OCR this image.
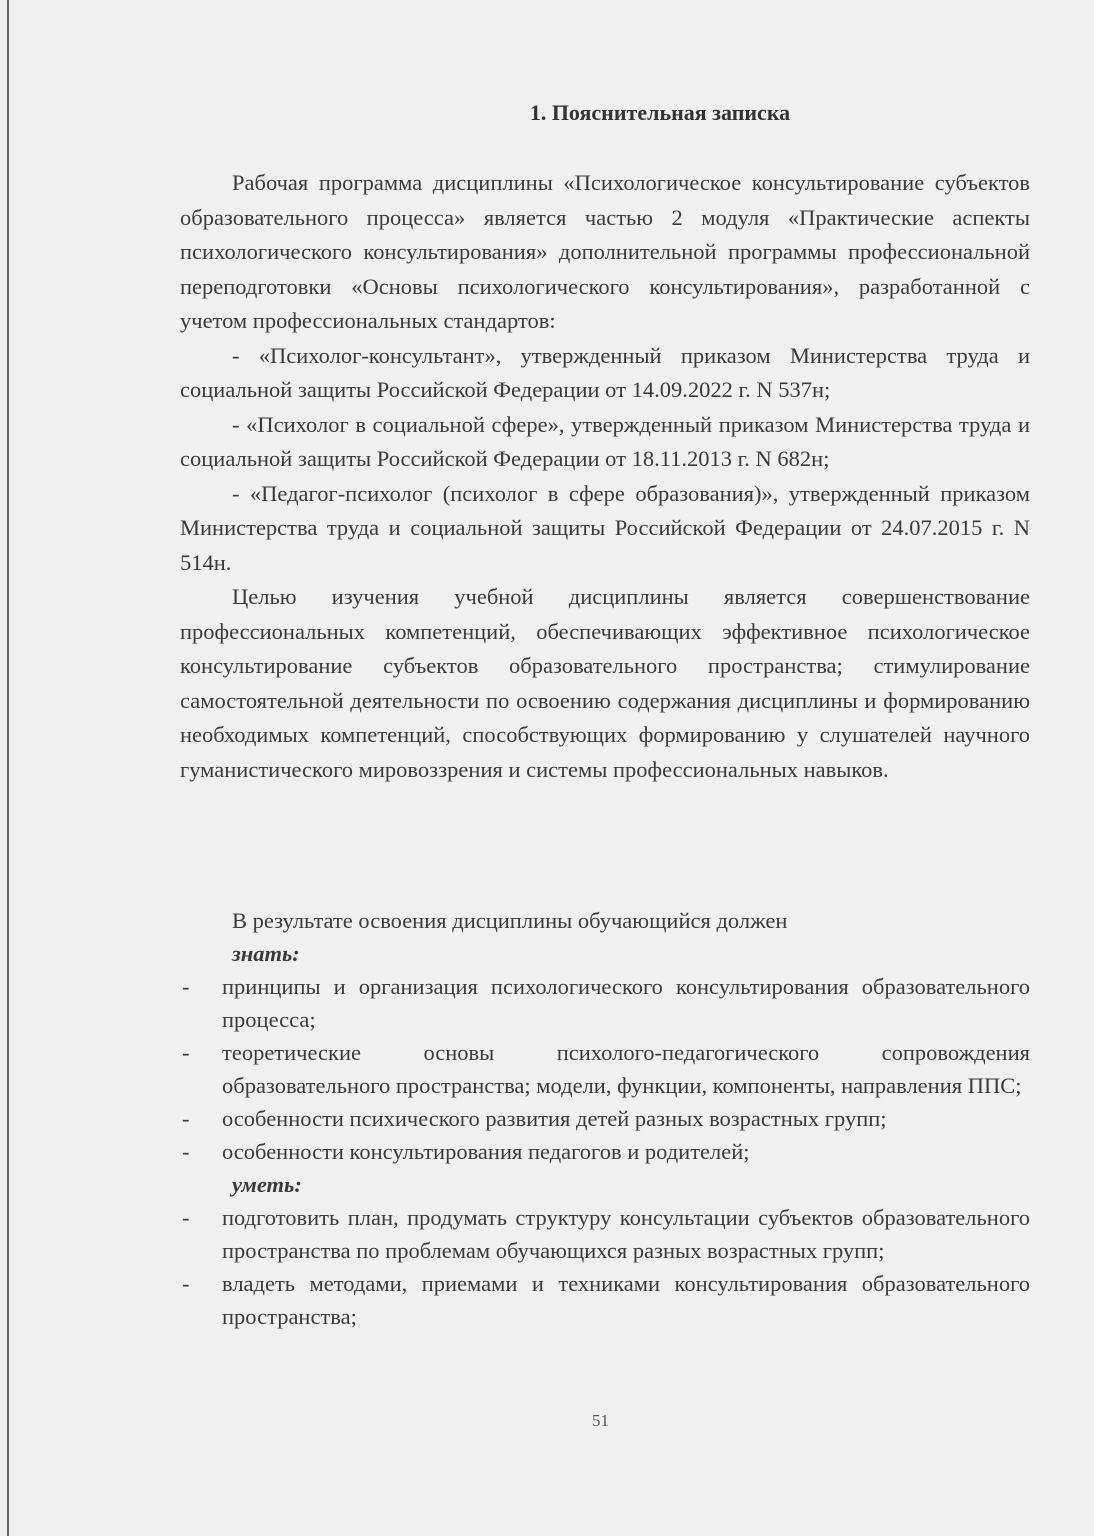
1. Пояснительная записка

Рабочая программа дисциплины «Психологическое консультирование субъектов образовательного процесса» является частью 2 модуля «Практические аспекты психологического консультирования» дополнительной программы профессиональной переподготовки «Основы психологического консультирования», разработанной с учетом профессиональных стандартов:

- «Психолог-консультант», утвержденный приказом Министерства труда и социальной защиты Российской Федерации от 14.09.2022 г. N 537н;

- «Психолог в социальной сфере», утвержденный приказом Министерства труда и социальной защиты Российской Федерации от 18.11.2013 г. N 682н;

- «Педагог-психолог (психолог в сфере образования)», утвержденный приказом Министерства труда и социальной защиты Российской Федерации от 24.07.2015 г. N 514н.

Целью изучения учебной дисциплины является совершенствование профессиональных компетенций, обеспечивающих эффективное психологическое консультирование субъектов образовательного пространства; стимулирование самостоятельной деятельности по освоению содержания дисциплины и формированию необходимых компетенций, способствующих формированию у слушателей научного гуманистического мировоззрения и системы профессиональных навыков.

В результате освоения дисциплины обучающийся должен

знать:

- принципы и организация психологического консультирования образовательного процесса;
- теоретические основы психолого-педагогического сопровождения образовательного пространства; модели, функции, компоненты, направления ППС;
- особенности психического развития детей разных возрастных групп;
- особенности консультирования педагогов и родителей;

уметь:

- подготовить план, продумать структуру консультации субъектов образовательного пространства по проблемам обучающихся разных возрастных групп;
- владеть методами, приемами и техниками консультирования образовательного пространства;
51
